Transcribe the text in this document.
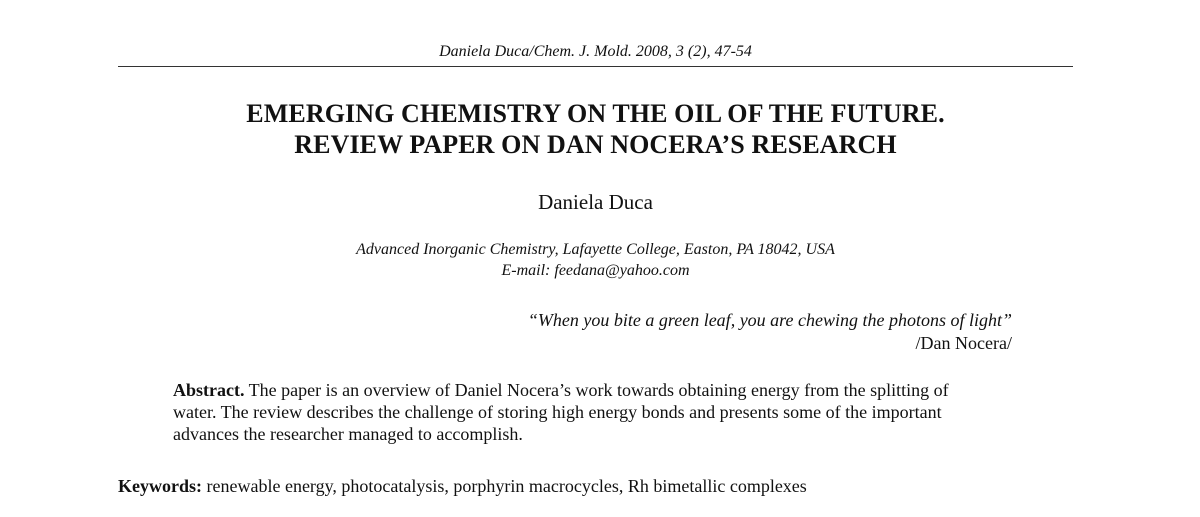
Daniela Duca/Chem. J. Mold. 2008, 3 (2), 47-54
EMERGING CHEMISTRY ON THE OIL OF THE FUTURE.
REVIEW PAPER ON DAN NOCERA’S RESEARCH
Daniela Duca
Advanced Inorganic Chemistry, Lafayette College, Easton, PA 18042, USA
E-mail: feedana@yahoo.com
“When you bite a green leaf, you are chewing the photons of light”
/Dan Nocera/
Abstract. The paper is an overview of Daniel Nocera’s work towards obtaining energy from the splitting of
water. The review describes the challenge of storing high energy bonds and presents some of the important
advances the researcher managed to accomplish.
Keywords: renewable energy, photocatalysis, porphyrin macrocycles, Rh bimetallic complexes
